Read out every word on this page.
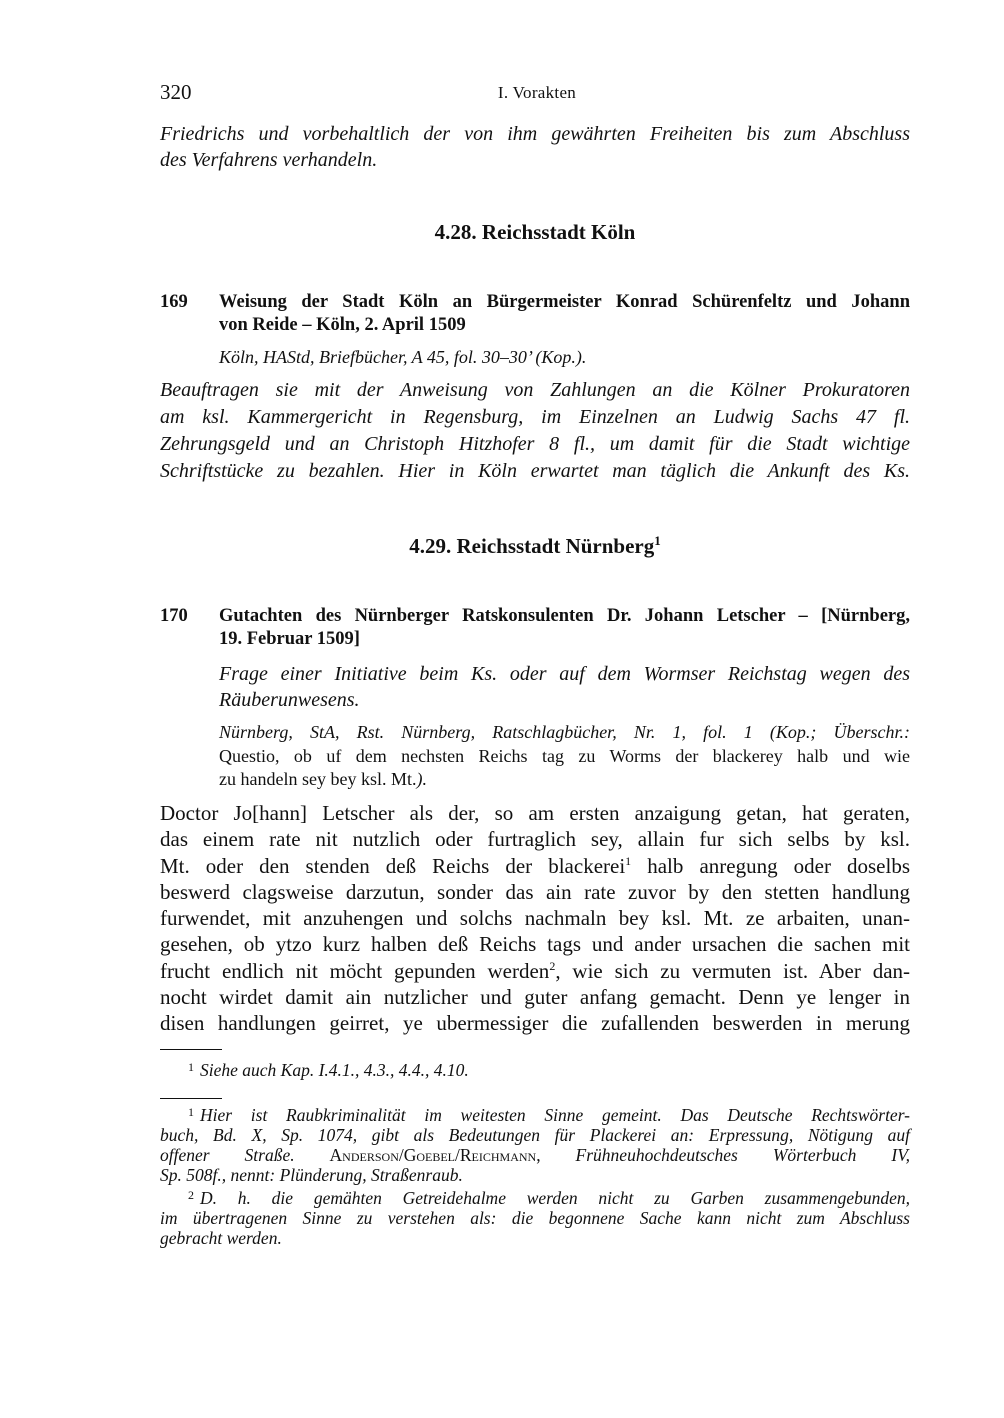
320	I. Vorakten
Friedrichs und vorbehaltlich der von ihm gewährten Freiheiten bis zum Abschluss
des Verfahrens verhandeln.
4.28. Reichsstadt Köln
169 Weisung der Stadt Köln an Bürgermeister Konrad Schürenfeltz und Johann
von Reide – Köln, 2. April 1509
Köln, HAStd, Briefbücher, A 45, fol. 30–30’ (Kop.).
Beauftragen sie mit der Anweisung von Zahlungen an die Kölner Prokuratoren
am ksl. Kammergericht in Regensburg, im Einzelnen an Ludwig Sachs 47 fl.
Zehrungsgeld und an Christoph Hitzhofer 8 fl., um damit für die Stadt wichtige
Schriftstücke zu bezahlen. Hier in Köln erwartet man täglich die Ankunft des Ks.
4.29. Reichsstadt Nürnberg$^1$
170 Gutachten des Nürnberger Ratskonsulenten Dr. Johann Letscher – [Nürnberg,
19. Februar 1509]
Frage einer Initiative beim Ks. oder auf dem Wormser Reichstag wegen des
Räuberunwesens.
Nürnberg, StA, Rst. Nürnberg, Ratschlagbücher, Nr. 1, fol. 1 (Kop.; Überschr.:
Questio, ob uf dem nechsten Reichs tag zu Worms der blackerey halb und wie
zu handeln sey bey ksl. Mt.).
Doctor Jo[hann] Letscher als der, so am ersten anzaigung getan, hat geraten,
das einem rate nit nutzlich oder furtraglich sey, allain fur sich selbs by ksl.
Mt. oder den stenden deß Reichs der blackerei$^1$ halb anregung oder doselbs
beswerd clagsweise darzutun, sonder das ain rate zuvor by den stetten handlung
furwendet, mit anzuhengen und solchs nachmaln bey ksl. Mt. ze arbaiten, unan-
gesehen, ob ytzo kurz halben deß Reichs tags und ander ursachen die sachen mit
frucht endlich nit möcht gepunden werden$^2$, wie sich zu vermuten ist. Aber dan-
nocht wirdet damit ain nutzlicher und guter anfang gemacht. Denn ye lenger in
disen handlungen geirret, ye ubermessiger die zufallenden beswerden in merung
$^1$ Siehe auch Kap. I.4.1., 4.3., 4.4., 4.10.
$^1$ Hier ist Raubkriminalität im weitesten Sinne gemeint. Das Deutsche Rechtswörter-
buch, Bd. X, Sp. 1074, gibt als Bedeutungen für Plackerei an: Erpressung, Nötigung auf
offener Straße. Anderson/Goebel/Reichmann, Frühneuhochdeutsches Wörterbuch IV,
Sp. 508f., nennt: Plünderung, Straßenraub.
$^2$ D. h. die gemähten Getreidehalme werden nicht zu Garben zusammengebunden,
im übertragenen Sinne zu verstehen als: die begonnene Sache kann nicht zum Abschluss
gebracht werden.
